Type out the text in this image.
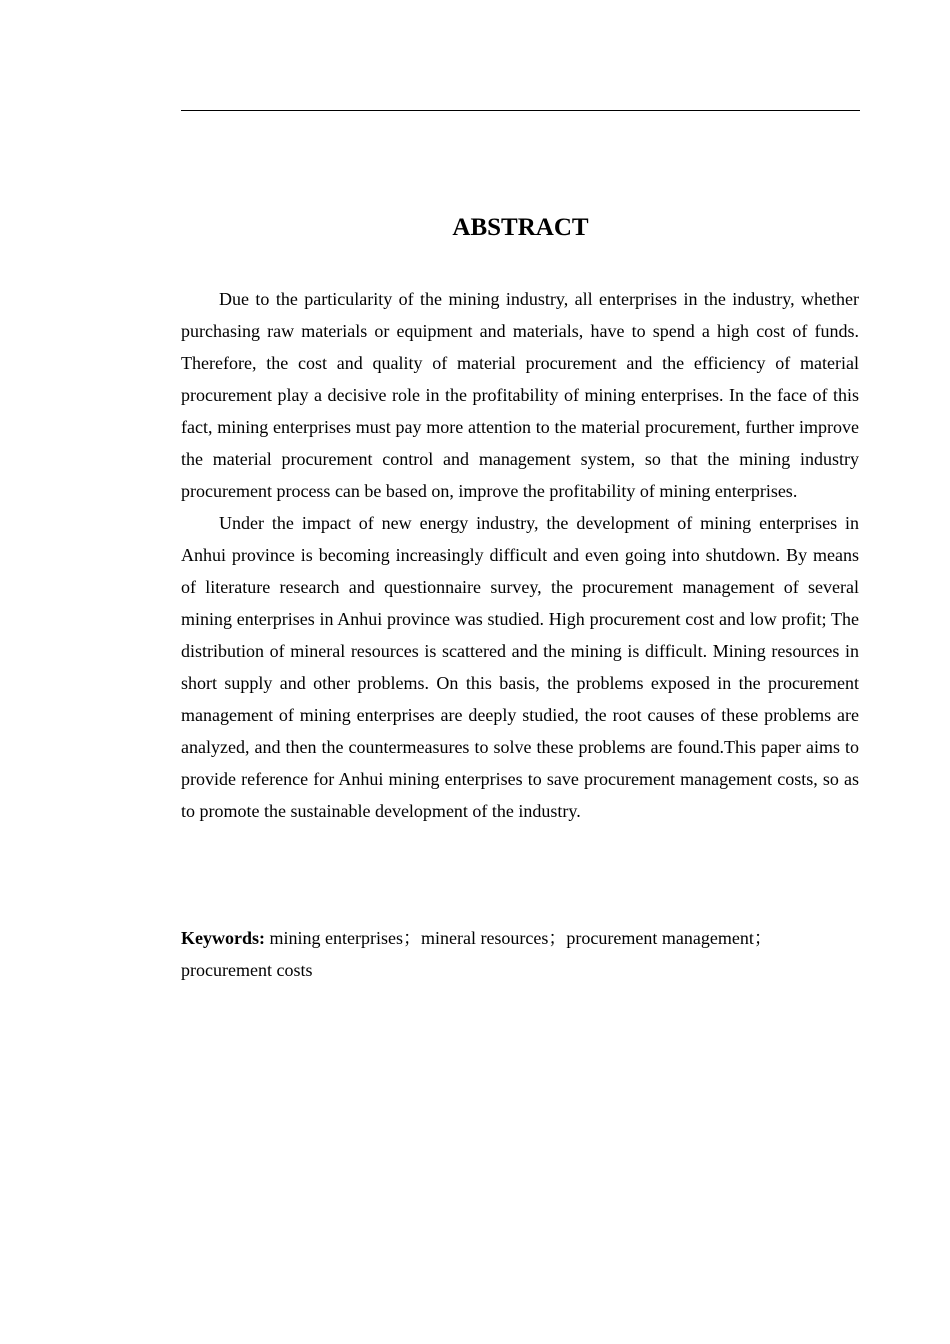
ABSTRACT

Due to the particularity of the mining industry, all enterprises in the industry, whether purchasing raw materials or equipment and materials, have to spend a high cost of funds. Therefore, the cost and quality of material procurement and the efficiency of material procurement play a decisive role in the profitability of mining enterprises. In the face of this fact, mining enterprises must pay more attention to the material procurement, further improve the material procurement control and management system, so that the mining industry procurement process can be based on, improve the profitability of mining enterprises.

Under the impact of new energy industry, the development of mining enterprises in Anhui province is becoming increasingly difficult and even going into shutdown. By means of literature research and questionnaire survey, the procurement management of several mining enterprises in Anhui province was studied. High procurement cost and low profit; The distribution of mineral resources is scattered and the mining is difficult. Mining resources in short supply and other problems. On this basis, the problems exposed in the procurement management of mining enterprises are deeply studied, the root causes of these problems are analyzed, and then the countermeasures to solve these problems are found.This paper aims to provide reference for Anhui mining enterprises to save procurement management costs, so as to promote the sustainable development of the industry.

Keywords: mining enterprises；mineral resources；procurement management；procurement costs
